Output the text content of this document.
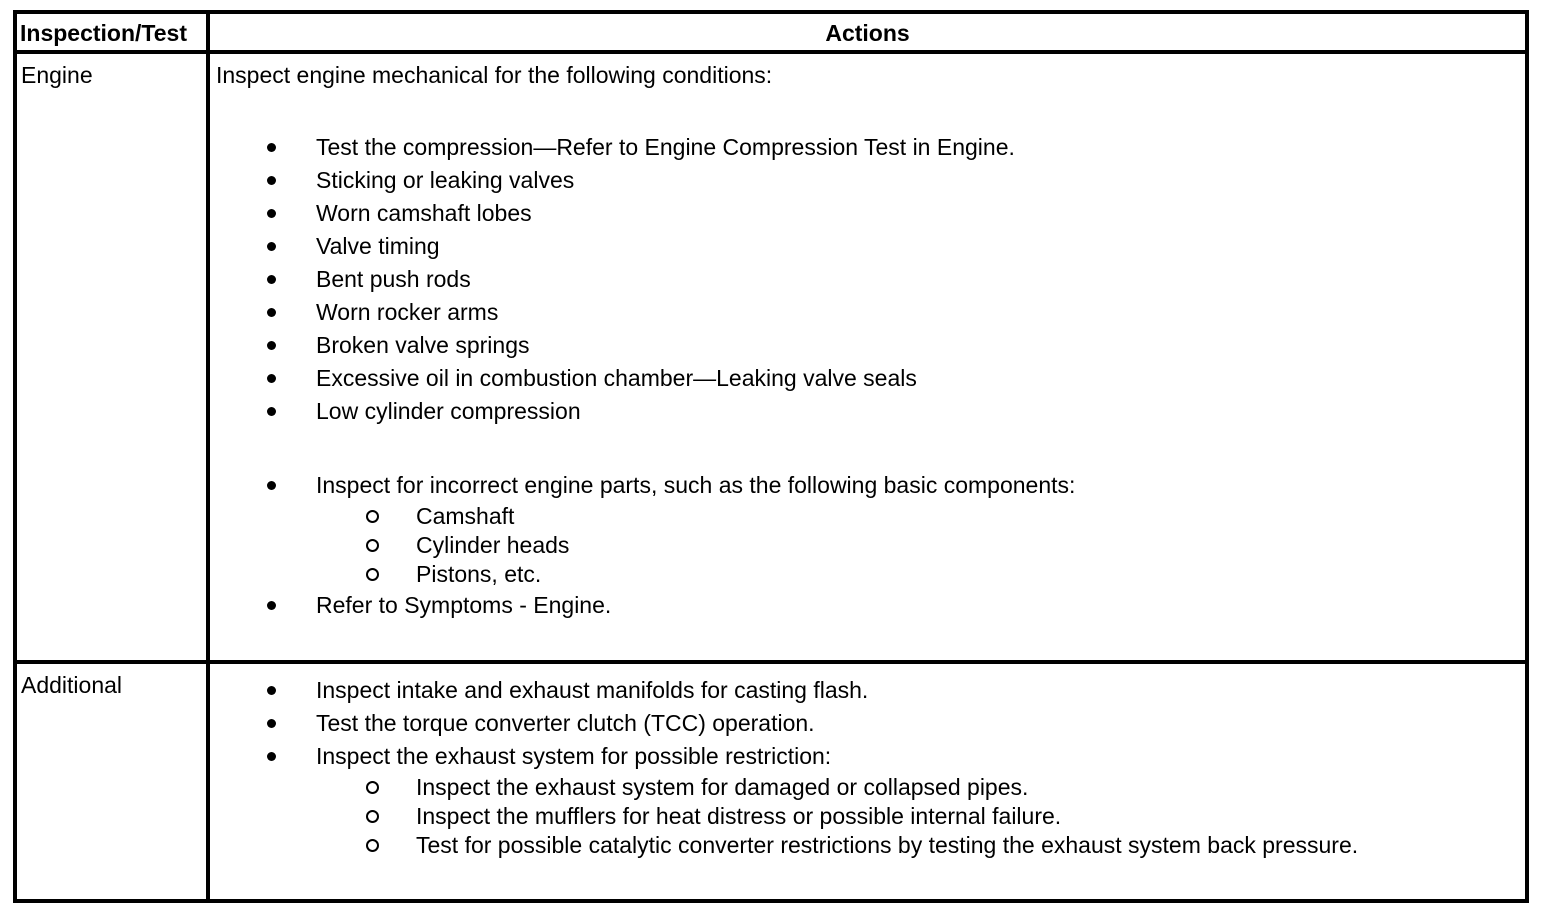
Inspection/Test	Actions
Engine	Inspect engine mechanical for the following conditions:
Test the compression—Refer to Engine Compression Test in Engine.
Sticking or leaking valves
Worn camshaft lobes
Valve timing
Bent push rods
Worn rocker arms
Broken valve springs
Excessive oil in combustion chamber—Leaking valve seals
Low cylinder compression
Inspect for incorrect engine parts, such as the following basic components:
Camshaft
Cylinder heads
Pistons, etc.
Refer to Symptoms - Engine.
Additional	Inspect intake and exhaust manifolds for casting flash.
Test the torque converter clutch (TCC) operation.
Inspect the exhaust system for possible restriction:
Inspect the exhaust system for damaged or collapsed pipes.
Inspect the mufflers for heat distress or possible internal failure.
Test for possible catalytic converter restrictions by testing the exhaust system back pressure.
